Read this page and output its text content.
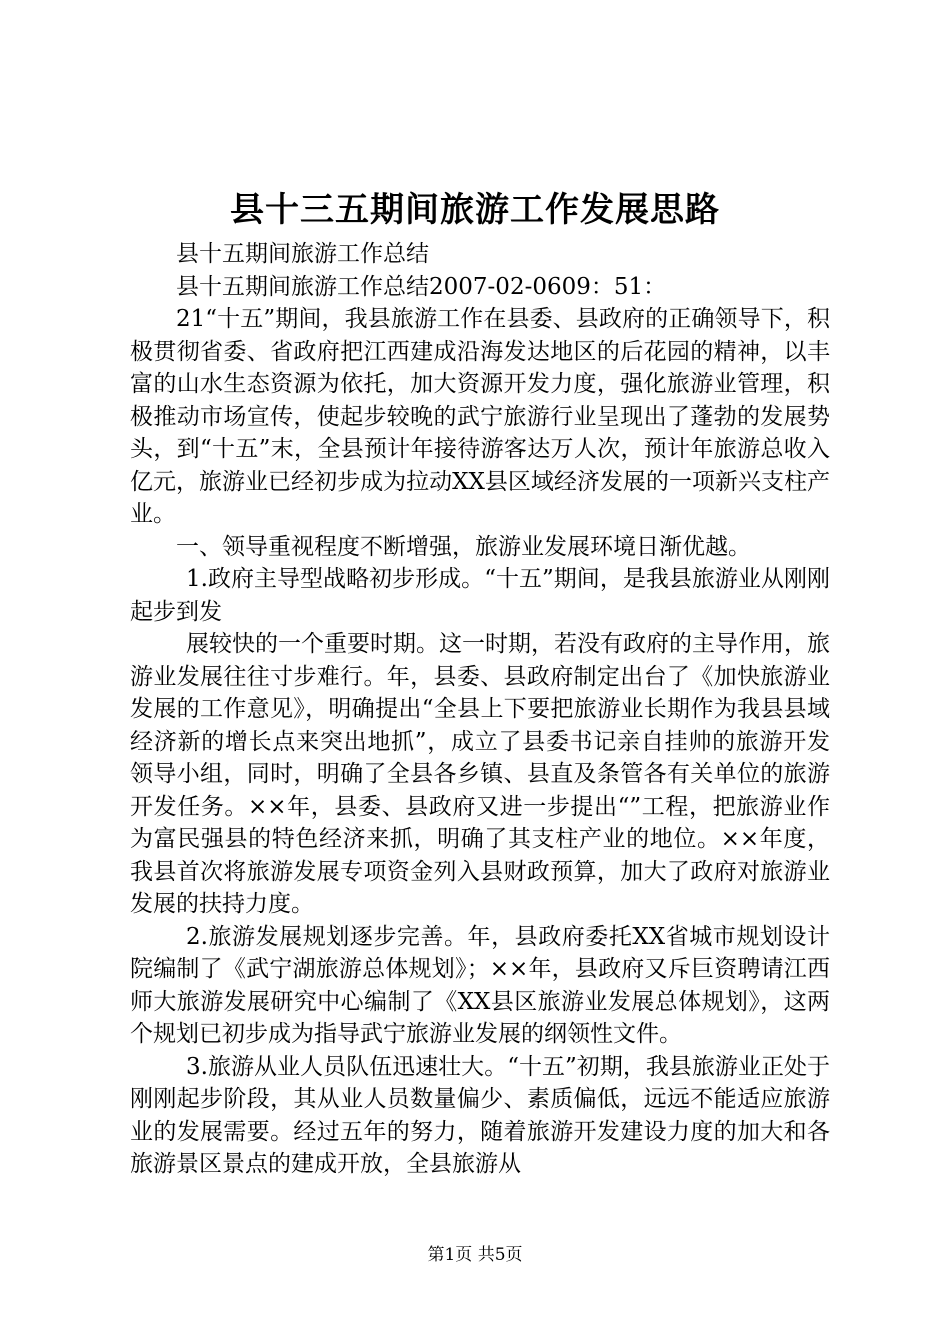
县十三五期间旅游工作发展思路

县十五期间旅游工作总结

县十五期间旅游工作总结2007-02-0609：51：

21“十五”期间，我县旅游工作在县委、县政府的正确领导下，积极贯彻省委、省政府把江西建成沿海发达地区的后花园的精神，以丰富的山水生态资源为依托，加大资源开发力度，强化旅游业管理，积极推动市场宣传，使起步较晚的武宁旅游行业呈现出了蓬勃的发展势头，到“十五”末，全县预计年接待游客达万人次，预计年旅游总收入亿元，旅游业已经初步成为拉动XX县区域经济发展的一项新兴支柱产业。

一、领导重视程度不断增强，旅游业发展环境日渐优越。

1.政府主导型战略初步形成。“十五”期间，是我县旅游业从刚刚起步到发

展较快的一个重要时期。这一时期，若没有政府的主导作用，旅游业发展往往寸步难行。年，县委、县政府制定出台了《加快旅游业发展的工作意见》，明确提出“全县上下要把旅游业长期作为我县县域经济新的增长点来突出地抓”，成立了县委书记亲自挂帅的旅游开发领导小组，同时，明确了全县各乡镇、县直及条管各有关单位的旅游开发任务。××年，县委、县政府又进一步提出“”工程，把旅游业作为富民强县的特色经济来抓，明确了其支柱产业的地位。××年度，我县首次将旅游发展专项资金列入县财政预算，加大了政府对旅游业发展的扶持力度。

2.旅游发展规划逐步完善。年，县政府委托XX省城市规划设计院编制了《武宁湖旅游总体规划》；××年，县政府又斥巨资聘请江西师大旅游发展研究中心编制了《XX县区旅游业发展总体规划》，这两个规划已初步成为指导武宁旅游业发展的纲领性文件。

3.旅游从业人员队伍迅速壮大。“十五”初期，我县旅游业正处于刚刚起步阶段，其从业人员数量偏少、素质偏低，远远不能适应旅游业的发展需要。经过五年的努力，随着旅游开发建设力度的加大和各旅游景区景点的建成开放，全县旅游从

第1页 共5页
